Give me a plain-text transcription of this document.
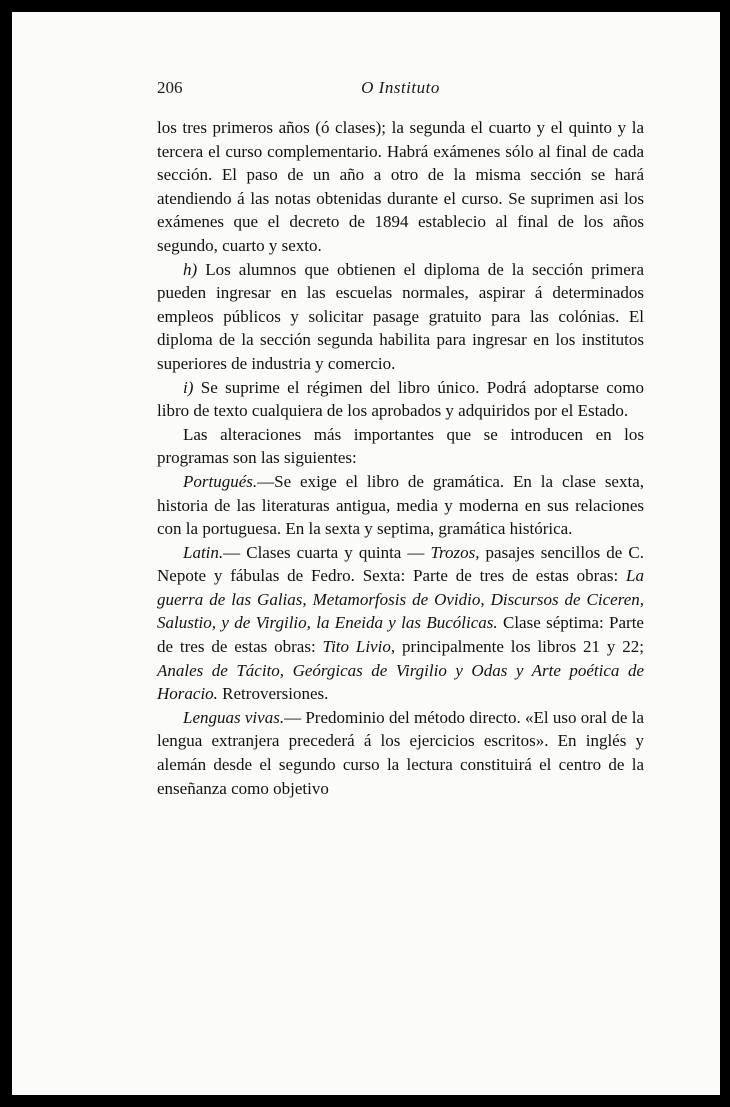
206	O Instituto

los tres primeros años (ó clases); la segunda el cuarto y el quinto y la tercera el curso complementario. Habrá exámenes sólo al final de cada sección. El paso de un año a otro de la misma sección se hará atendiendo á las notas obtenidas durante el curso. Se suprimen asi los exámenes que el decreto de 1894 establecio al final de los años segundo, cuarto y sexto.

h) Los alumnos que obtienen el diploma de la sección primera pueden ingresar en las escuelas normales, aspirar á determinados empleos públicos y solicitar pasage gratuito para las colónias. El diploma de la sección segunda habilita para ingresar en los institutos superiores de industria y comercio.

i) Se suprime el régimen del libro único. Podrá adoptarse como libro de texto cualquiera de los aprobados y adquiridos por el Estado.

Las alteraciones más importantes que se introducen en los programas son las siguientes:

Portugués.—Se exige el libro de gramática. En la clase sexta, historia de las literaturas antigua, media y moderna en sus relaciones con la portuguesa. En la sexta y septima, gramática histórica.

Latin.— Clases cuarta y quinta — Trozos, pasajes sencillos de C. Nepote y fábulas de Fedro. Sexta: Parte de tres de estas obras: La guerra de las Galias, Metamorfosis de Ovidio, Discursos de Ciceren, Salustio, y de Virgilio, la Eneida y las Bucólicas. Clase séptima: Parte de tres de estas obras: Tito Livio, principalmente los libros 21 y 22; Anales de Tácito, Geórgicas de Virgilio y Odas y Arte poética de Horacio. Retroversiones.

Lenguas vivas.— Predominio del método directo. «El uso oral de la lengua extranjera precederá á los ejercicios escritos». En inglés y alemán desde el segundo curso la lectura constituirá el centro de la enseñanza como objetivo
